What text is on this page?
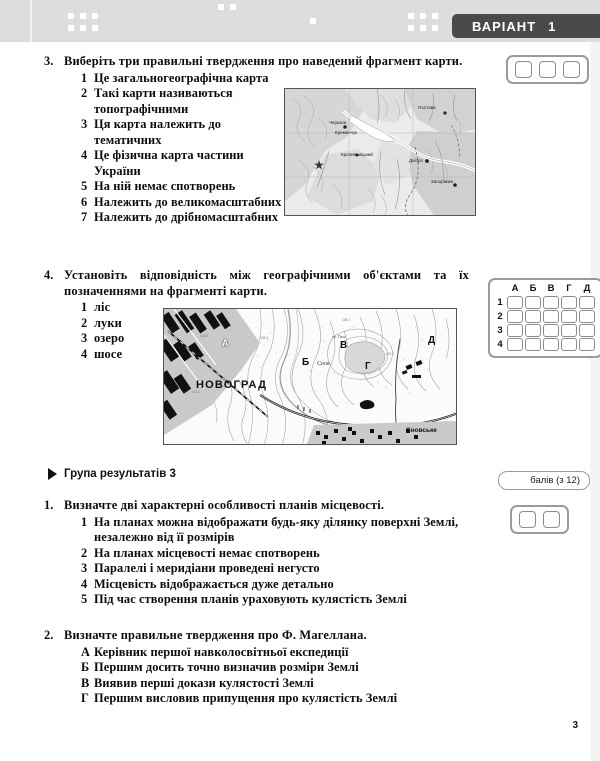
ВАРІАНТ 1
3. Виберіть три правильні твердження про наведений фрагмент карти.
1 Це загальногеографічна карта
2 Такі карти називаються топографічними
3 Ця карта належить до тематичних
4 Це фізична карта частини України
5 На ній немає спотворень
6 Належить до великомасштабних
7 Належить до дрібномасштабних
Полтава
Черкаси
Кременчук
Кропивницький
Дніпро
Запоріжжя
4. Установіть відповідність між географічними об'єктами та їх позначеннями на фрагменті карти.
1 ліс
2 луки
3 озеро
4 шосе
133.6	128.3
135.4
122.1
141.1
А
Б
В
Г
Д
НОВОГРАД
Снов
оз. Тихе
Сновське
А	Б	В	Г	Д
1
2
3
4
Група результатів 3
балів (з 12)
1. Визначте дві характерні особливості планів місцевості.
1 На планах можна відображати будь-яку ділянку поверхні Землі, незалежно від її розмірів
2 На планах місцевості немає спотворень
3 Паралелі і меридіани проведені негусто
4 Місцевість відображається дуже детально
5 Під час створення планів ураховують кулястість Землі
2. Визначте правильне твердження про Ф. Магеллана.
А Керівник першої навколосвітньої експедиції
Б Першим досить точно визначив розміри Землі
В Виявив перші докази кулястості Землі
Г Першим висловив припущення про кулястість Землі
3
